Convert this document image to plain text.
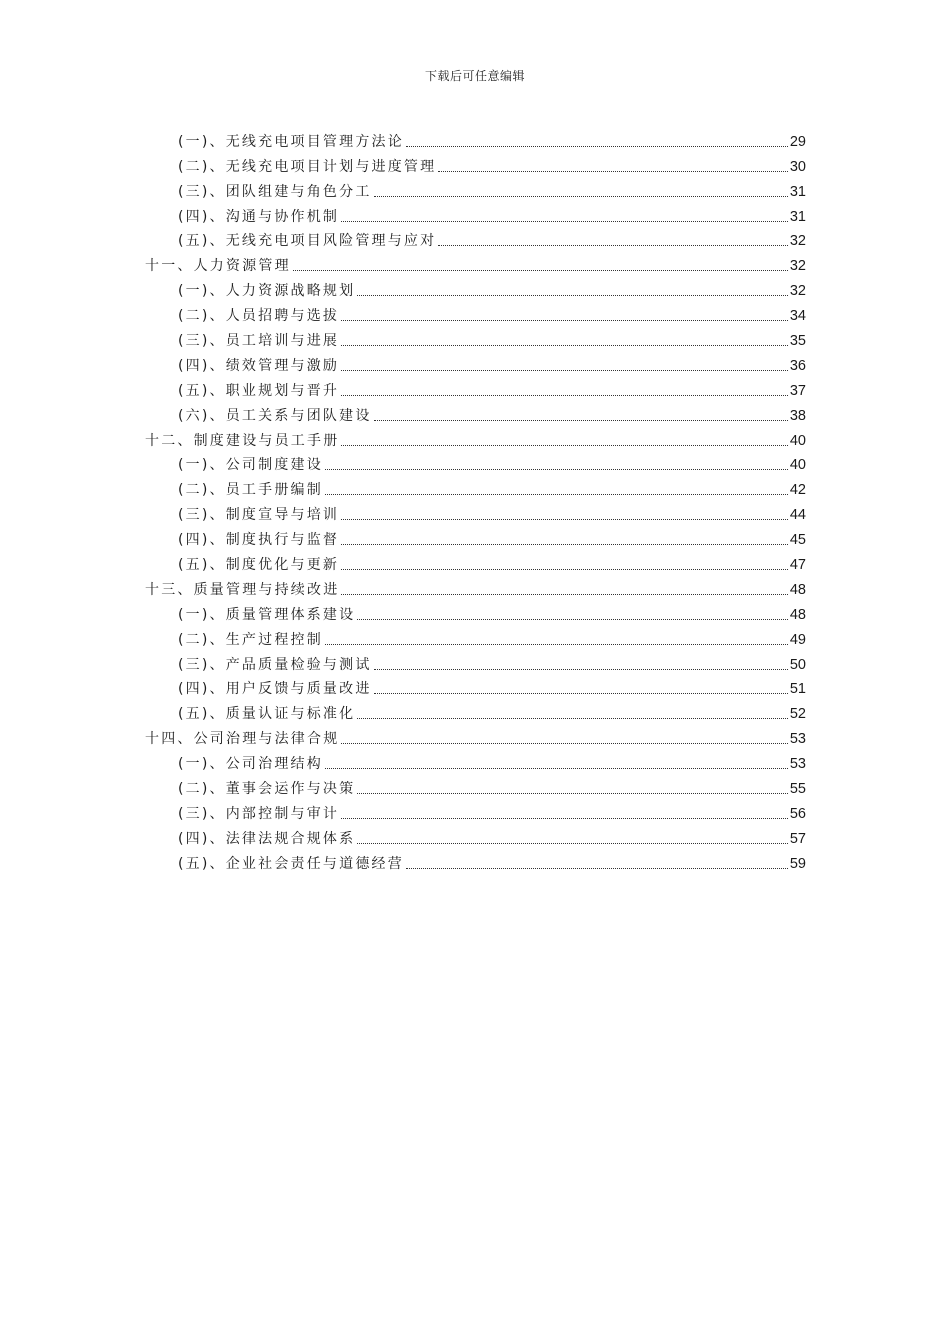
下载后可任意编辑
(一)、无线充电项目管理方法论	29
(二)、无线充电项目计划与进度管理	30
(三)、团队组建与角色分工	31
(四)、沟通与协作机制	31
(五)、无线充电项目风险管理与应对	32
十一、人力资源管理	32
(一)、人力资源战略规划	32
(二)、人员招聘与选拔	34
(三)、员工培训与进展	35
(四)、绩效管理与激励	36
(五)、职业规划与晋升	37
(六)、员工关系与团队建设	38
十二、制度建设与员工手册	40
(一)、公司制度建设	40
(二)、员工手册编制	42
(三)、制度宣导与培训	44
(四)、制度执行与监督	45
(五)、制度优化与更新	47
十三、质量管理与持续改进	48
(一)、质量管理体系建设	48
(二)、生产过程控制	49
(三)、产品质量检验与测试	50
(四)、用户反馈与质量改进	51
(五)、质量认证与标准化	52
十四、公司治理与法律合规	53
(一)、公司治理结构	53
(二)、董事会运作与决策	55
(三)、内部控制与审计	56
(四)、法律法规合规体系	57
(五)、企业社会责任与道德经营	59
